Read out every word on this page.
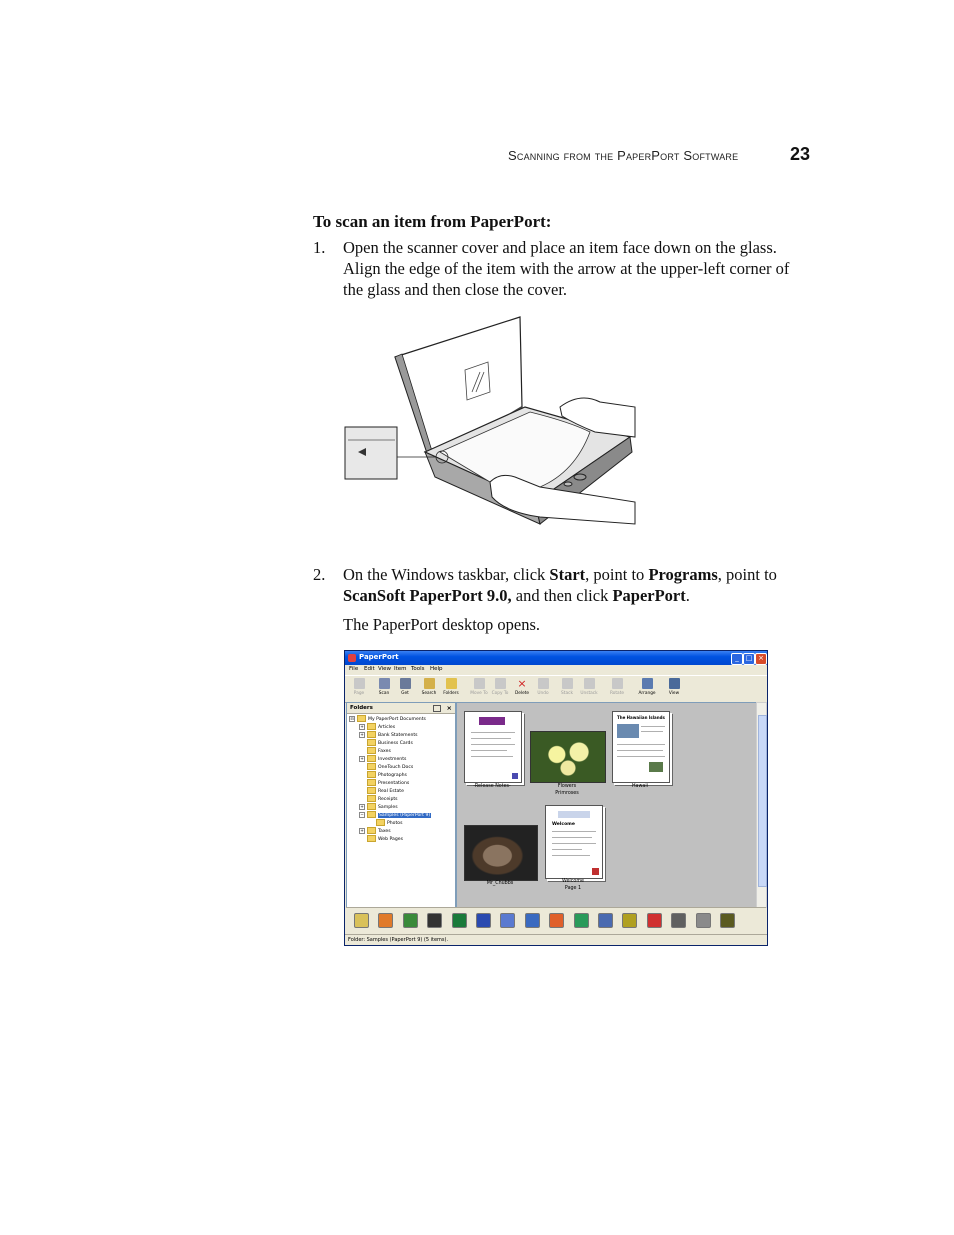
Scanning from the PaperPort Software	23
To scan an item from PaperPort:
1. Open the scanner cover and place an item face down on the glass.
Align the edge of the item with the arrow at the upper-left corner of
the glass and then close the cover.
2. On the Windows taskbar, click Start, point to Programs, point to
ScanSoft PaperPort 9.0, and then click PaperPort.
The PaperPort desktop opens.
PaperPort	_ □ ×
File Edit View Item Tools Help
Page	Scan	Get	Search	Folders	Move To Copy To
×
Delete	Undo	Stack	Unstack	Rotate	Arrange	View
Folders	×
⊟	My PaperPort Documents
+	Articles
+	Bank Statements
Business Cards
Faxes
+	Investments
OneTouch Docs
Photographs
Presentations
Real Estate
Receipts
+	Samples
−	Samples (PaperPort 9)
Photos
+	Taxes
Web Pages
-Release Notes-	Flowers
Primroses
The Hawaiian Islands
Hawaii
Mr_Chubbs
Welcome
Welcome
Page 1
Folder: Samples (PaperPort 9) (5 items).
